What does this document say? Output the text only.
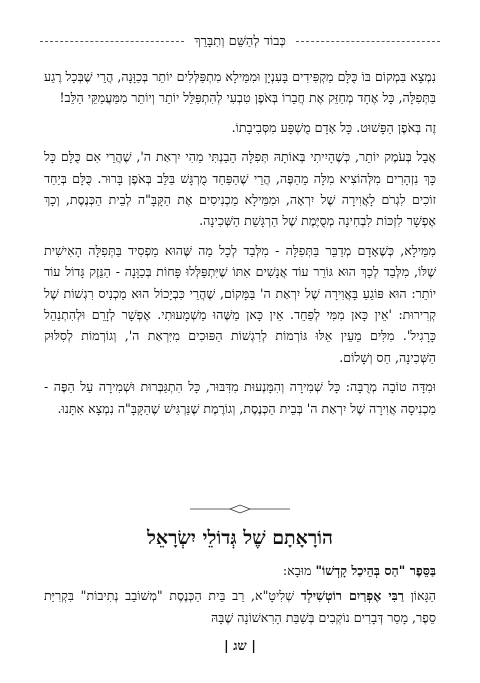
כְּבוֹד לְהַשֵּׁם וְתִבָּרֵךְ

נִמְצָא בִּמְקוֹם בּוֹ כֻּלָּם מַקְפִּידִים בָּעִנְיָן וּמִמֵּילָא מִתְפַּלְּלִים יוֹתֵר בְּכַוָּנָה, הֲרֵי שֶׁבְּכָל רֶגַע בַּתְּפִלָּה, כָּל אֶחָד מְחַזֵּק אֶת חֲבֵרוֹ בְּאֹפֶן טִבְעִי לְהִתְפַּלֵּל יוֹתֵר וְיוֹתֵר מִמַּעֲמַקֵּי הַלֵּב!

זֶה בְּאֹפֶן הַפָּשׁוּט. כָּל אָדָם מֻשְׁפָּע מִסְּבִיבָתוֹ.

אֲבָל בְּעֹמֶק יוֹתֵר, כְּשֶׁהָיִיתִי בְּאוֹתָהּ תְּפִלָּה הֵבַנְתִּי מַהִי יִרְאַת ה', שֶׁהֲרֵי אִם כֻּלָּם כָּל כָּךְ נִזְהָרִים מִלְּהוֹצִיא מִלָּה מֵהַפֶּה, הֲרֵי שֶׁהַפַּחַד מֻרְגָּשׁ בַּלֵּב בְּאֹפֶן בָּרוּר. כֻּלָּם בְּיַחַד זוֹכִים לִגְרֹם לָאֲוִירָה שֶׁל יִרְאָה, וּמִמֵּילָא מַכְנִיסִים אֶת הַקָּבָּ"ה לְבֵית הַכְּנֶסֶת, וְכָךְ אֶפְשָׁר לִזְכּוֹת לִבְחִינָה מְסֻיֶּמֶת שֶׁל הַרְגָּשַׁת הַשְּׁכִינָה.

מִמֵּילָא, כְּשֶׁאָדָם מְדַבֵּר בַּתְּפִלָּה - מִלְּבַד לְכָל מַה שֶּׁהוּא מַפְסִיד בַּתְּפִלָּה הָאִישִׁית שֶׁלּוֹ, מִלְּבַד לְכָךְ הוּא גּוֹרֵר עוֹד אֲנָשִׁים אִתּוֹ שֶׁיִּתְפַּלְּלוּ פָּחוֹת בְּכַוָּנָה - הַנֵּזֶק גָּדוֹל עוֹד יוֹתֵר: הוּא פּוֹגֵעַ בָּאֲוִירָה שֶׁל יִרְאַת ה' בַּמָּקוֹם, שֶׁהֲרֵי כִּבְיָכוֹל הוּא מַכְנִיס רִגְשׁוֹת שֶׁל קְרִירוּת: 'אֵין כָּאן מִמִּי לְפַחֵד. אֵין כָּאן מַשֶּׁהוּ מַשְׁמָעוּתִי. אֶפְשָׁר לְזָרֵם וּלְהִתְנַהֵל כָּרָגִיל'. מִלִּים מֵעֵין אֵלּוּ גּוֹרְמוֹת לְרִגְשׁוֹת הַפּוּכִים מִיִּרְאַת ה', וְגוֹרְמוֹת לְסִלּוּק הַשְּׁכִינָה, חַס וְשָׁלוֹם.

וּמִדָּה טוֹבָה מְרֻבָּה: כָּל שְׁמִירָה וְהִמָּנְעוּת מִדִּבּוּר, כָּל הִתְגַּבְּרוּת וּשְׁמִירָה עַל הַפֶּה - מַכְנִיסָה אֲוִירָה שֶׁל יִרְאַת ה' בְּבֵית הַכְּנֶסֶת, וְגוֹרֶמֶת שֶׁנַּרְגִּישׁ שֶׁהַקָּבָּ"ה נִמְצָא אִתָּנוּ.

הוֹרָאָתָם שֶׁל גְּדוֹלֵי יִשְׂרָאֵל

בַּסֵּפֶר "הַס בְּהֵיכַל קָדְשׁוֹ" מוּבָא:

הַגָּאוֹן רַבִּי אֶפְרַיִם רוֹטְשִׁילְד שְׁלִיטָ"א, רַב בֵּית הַכְּנֶסֶת "מְשׁוֹבֵב נְתִיבוֹת" בִּקְרִיַּת סֵפֶר, מָסַר דְּבָרִים נוֹקְבִים בְּשַׁבַּת הָרִאשׁוֹנָה שֶׁבָּהּ

| שג |
